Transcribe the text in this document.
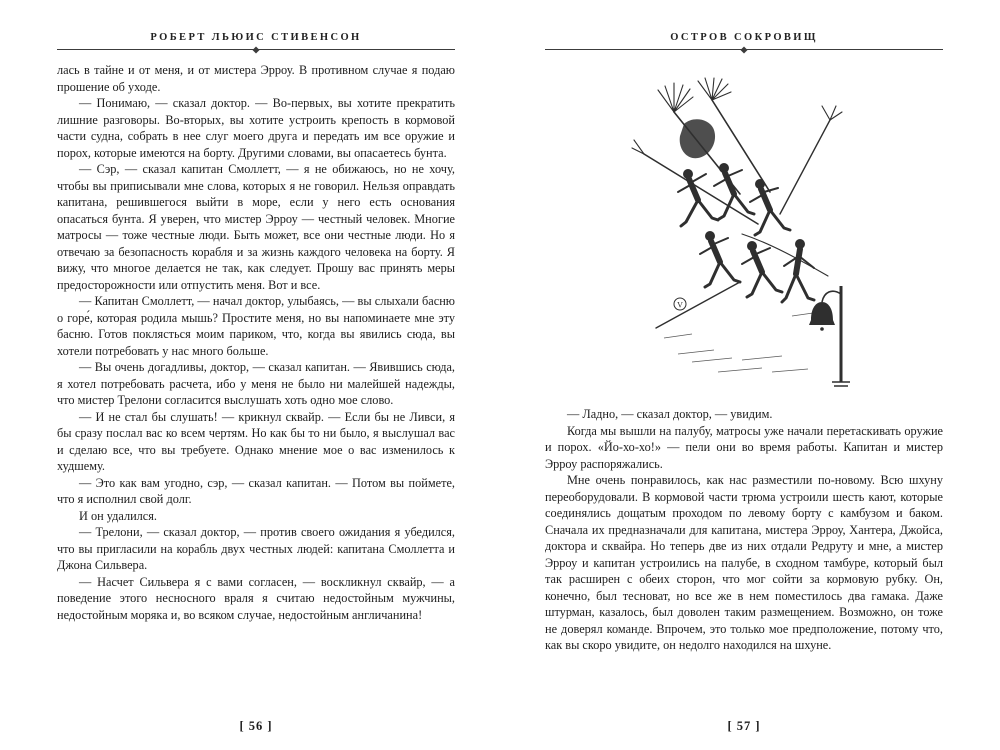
РОБЕРТ ЛЬЮИС СТИВЕНСОН

лась в тайне и от меня, и от мистера Эрроу. В противном случае я подаю прошение об уходе.

— Понимаю, — сказал доктор. — Во-первых, вы хотите прекратить лишние разговоры. Во-вторых, вы хотите устроить крепость в кормовой части судна, собрать в нее слуг моего друга и передать им все оружие и порох, которые имеются на борту. Другими словами, вы опасаетесь бунта.

— Сэр, — сказал капитан Смоллетт, — я не обижаюсь, но не хочу, чтобы вы приписывали мне слова, которых я не говорил. Нельзя оправдать капитана, решившегося выйти в море, если у него есть основания опасаться бунта. Я уверен, что мистер Эрроу — честный человек. Многие матросы — тоже честные люди. Быть может, все они честные люди. Но я отвечаю за безопасность корабля и за жизнь каждого человека на борту. Я вижу, что многое делается не так, как следует. Прошу вас принять меры предосторожности или отпустить меня. Вот и все.

— Капитан Смоллетт, — начал доктор, улыбаясь, — вы слыхали басню о горе́, которая родила мышь? Простите меня, но вы напоминаете мне эту басню. Готов поклясться моим париком, что, когда вы явились сюда, вы хотели потребовать у нас много больше.

— Вы очень догадливы, доктор, — сказал капитан. — Явившись сюда, я хотел потребовать расчета, ибо у меня не было ни малейшей надежды, что мистер Трелони согласится выслушать хоть одно мое слово.

— И не стал бы слушать! — крикнул сквайр. — Если бы не Ливси, я бы сразу послал вас ко всем чертям. Но как бы то ни было, я выслушал вас и сделаю все, что вы требуете. Однако мнение мое о вас изменилось к худшему.

— Это как вам угодно, сэр, — сказал капитан. — Потом вы поймете, что я исполнил свой долг.

И он удалился.

— Трелони, — сказал доктор, — против своего ожидания я убедился, что вы пригласили на корабль двух честных людей: капитана Смоллетта и Джона Сильвера.

— Насчет Сильвера я с вами согласен, — воскликнул сквайр, — а поведение этого несносного враля я считаю недостойным мужчины, недостойным моряка и, во всяком случае, недостойным англичанина!

[ 56 ]
ОСТРОВ СОКРОВИЩ
V

— Ладно, — сказал доктор, — увидим.

Когда мы вышли на палубу, матросы уже начали перетаскивать оружие и порох. «Йо-хо-хо!» — пели они во время работы. Капитан и мистер Эрроу распоряжались.

Мне очень понравилось, как нас разместили по-новому. Всю шхуну переоборудовали. В кормовой части трюма устроили шесть кают, которые соединялись дощатым проходом по левому борту с камбузом и баком. Сначала их предназначали для капитана, мистера Эрроу, Хантера, Джойса, доктора и сквайра. Но теперь две из них отдали Редруту и мне, а мистер Эрроу и капитан устроились на палубе, в сходном тамбуре, который был так расширен с обеих сторон, что мог сойти за кормовую рубку. Он, конечно, был тесноват, но все же в нем поместилось два гамака. Даже штурман, казалось, был доволен таким размещением. Возможно, он тоже не доверял команде. Впрочем, это только мое предположение, потому что, как вы скоро увидите, он недолго находился на шхуне.

[ 57 ]
